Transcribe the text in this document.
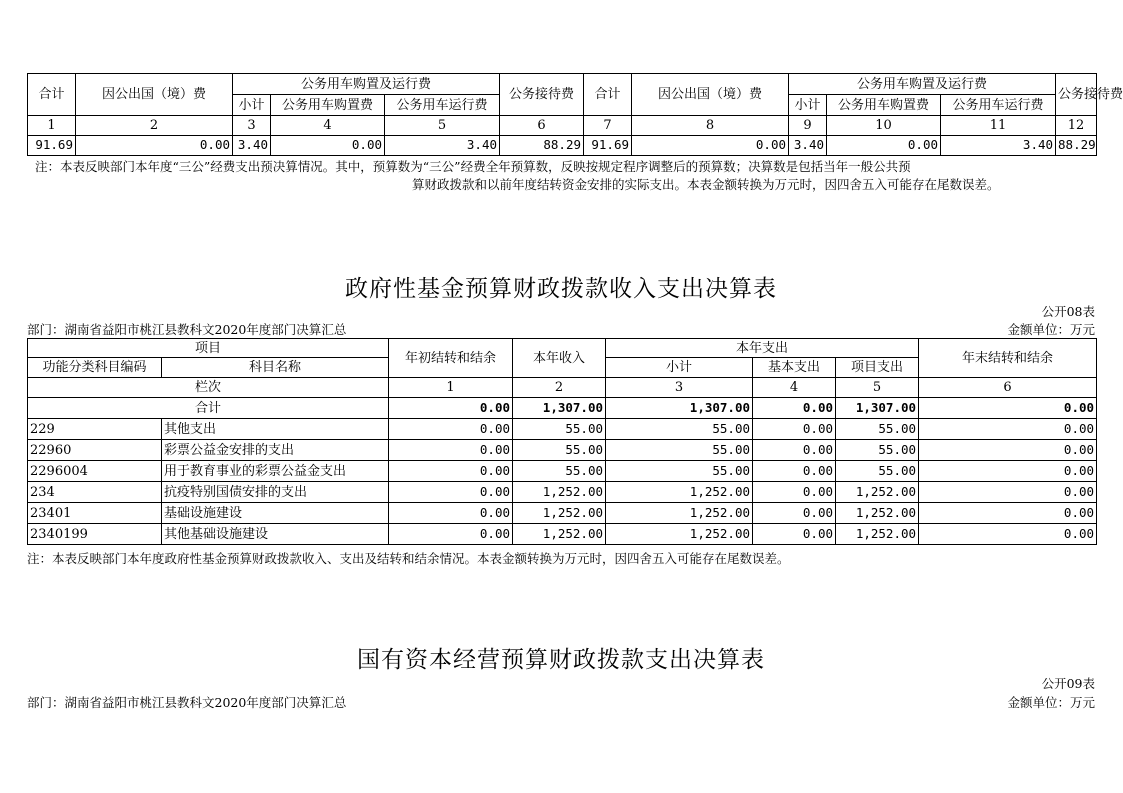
合计	因公出国（境）费	公务用车购置及运行费			公务接待费	合计	因公出国（境）费	公务用车购置及运行费			公务接待费
		小计	公务用车购置费	公务用车运行费				小计	公务用车购置费	公务用车运行费	
1	2	3	4	5	6	7	8	9	10	11	12
91.69	0.00	3.40	0.00	3.40	88.29	91.69	0.00	3.40	0.00	3.40	88.29
注：本表反映部门本年度“三公”经费支出预决算情况。其中，预算数为“三公”经费全年预算数，反映按规定程序调整后的预算数；决算数是包括当年一般公共预
算财政拨款和以前年度结转资金安排的实际支出。本表金额转换为万元时，因四舍五入可能存在尾数误差。
政府性基金预算财政拨款收入支出决算表
公开08表
部门：湖南省益阳市桃江县教科文2020年度部门决算汇总	金额单位：万元
项目		年初结转和结余	本年收入	本年支出			年末结转和结余
功能分类科目编码	科目名称			小计	基本支出	项目支出	
栏次		1	2	3	4	5	6
合计		0.00	1,307.00	1,307.00	0.00	1,307.00	0.00
229	其他支出	0.00	55.00	55.00	0.00	55.00	0.00
22960	彩票公益金安排的支出	0.00	55.00	55.00	0.00	55.00	0.00
2296004	用于教育事业的彩票公益金支出	0.00	55.00	55.00	0.00	55.00	0.00
234	抗疫特别国债安排的支出	0.00	1,252.00	1,252.00	0.00	1,252.00	0.00
23401	基础设施建设	0.00	1,252.00	1,252.00	0.00	1,252.00	0.00
2340199	其他基础设施建设	0.00	1,252.00	1,252.00	0.00	1,252.00	0.00
注：本表反映部门本年度政府性基金预算财政拨款收入、支出及结转和结余情况。本表金额转换为万元时，因四舍五入可能存在尾数误差。
国有资本经营预算财政拨款支出决算表
公开09表
部门：湖南省益阳市桃江县教科文2020年度部门决算汇总	金额单位：万元
